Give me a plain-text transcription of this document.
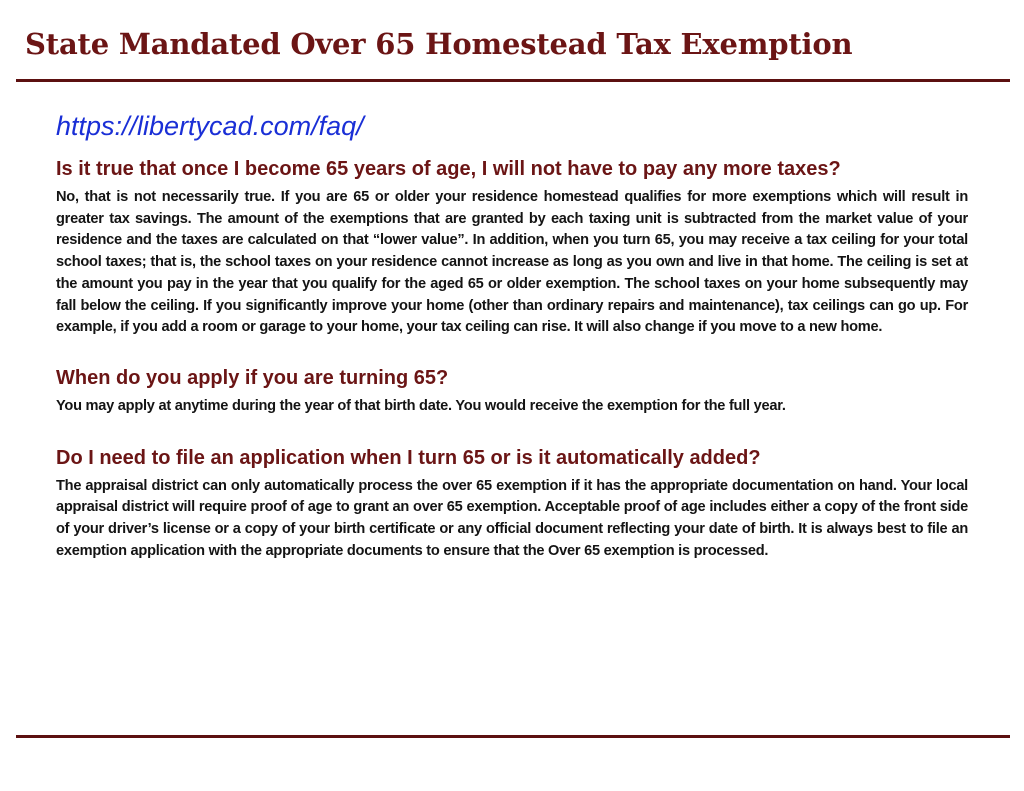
State Mandated Over 65 Homestead Tax Exemption
https://libertycad.com/faq/

Is it true that once I become 65 years of age, I will not have to pay any more taxes?

No, that is not necessarily true. If you are 65 or older your residence homestead qualifies for more exemptions which will result in greater tax savings. The amount of the exemptions that are granted by each taxing unit is subtracted from the market value of your residence and the taxes are calculated on that “lower value”. In addition, when you turn 65, you may receive a tax ceiling for your total school taxes; that is, the school taxes on your residence cannot increase as long as you own and live in that home. The ceiling is set at the amount you pay in the year that you qualify for the aged 65 or older exemption. The school taxes on your home subsequently may fall below the ceiling. If you significantly improve your home (other than ordinary repairs and maintenance), tax ceilings can go up. For example, if you add a room or garage to your home, your tax ceiling can rise. It will also change if you move to a new home.

When do you apply if you are turning 65?

You may apply at anytime during the year of that birth date. You would receive the exemption for the full year.

Do I need to file an application when I turn 65 or is it automatically added?

The appraisal district can only automatically process the over 65 exemption if it has the appropriate documentation on hand. Your local appraisal district will require proof of age to grant an over 65 exemption. Acceptable proof of age includes either a copy of the front side of your driver’s license or a copy of your birth certificate or any official document reflecting your date of birth. It is always best to file an exemption application with the appropriate documents to ensure that the Over 65 exemption is processed.
